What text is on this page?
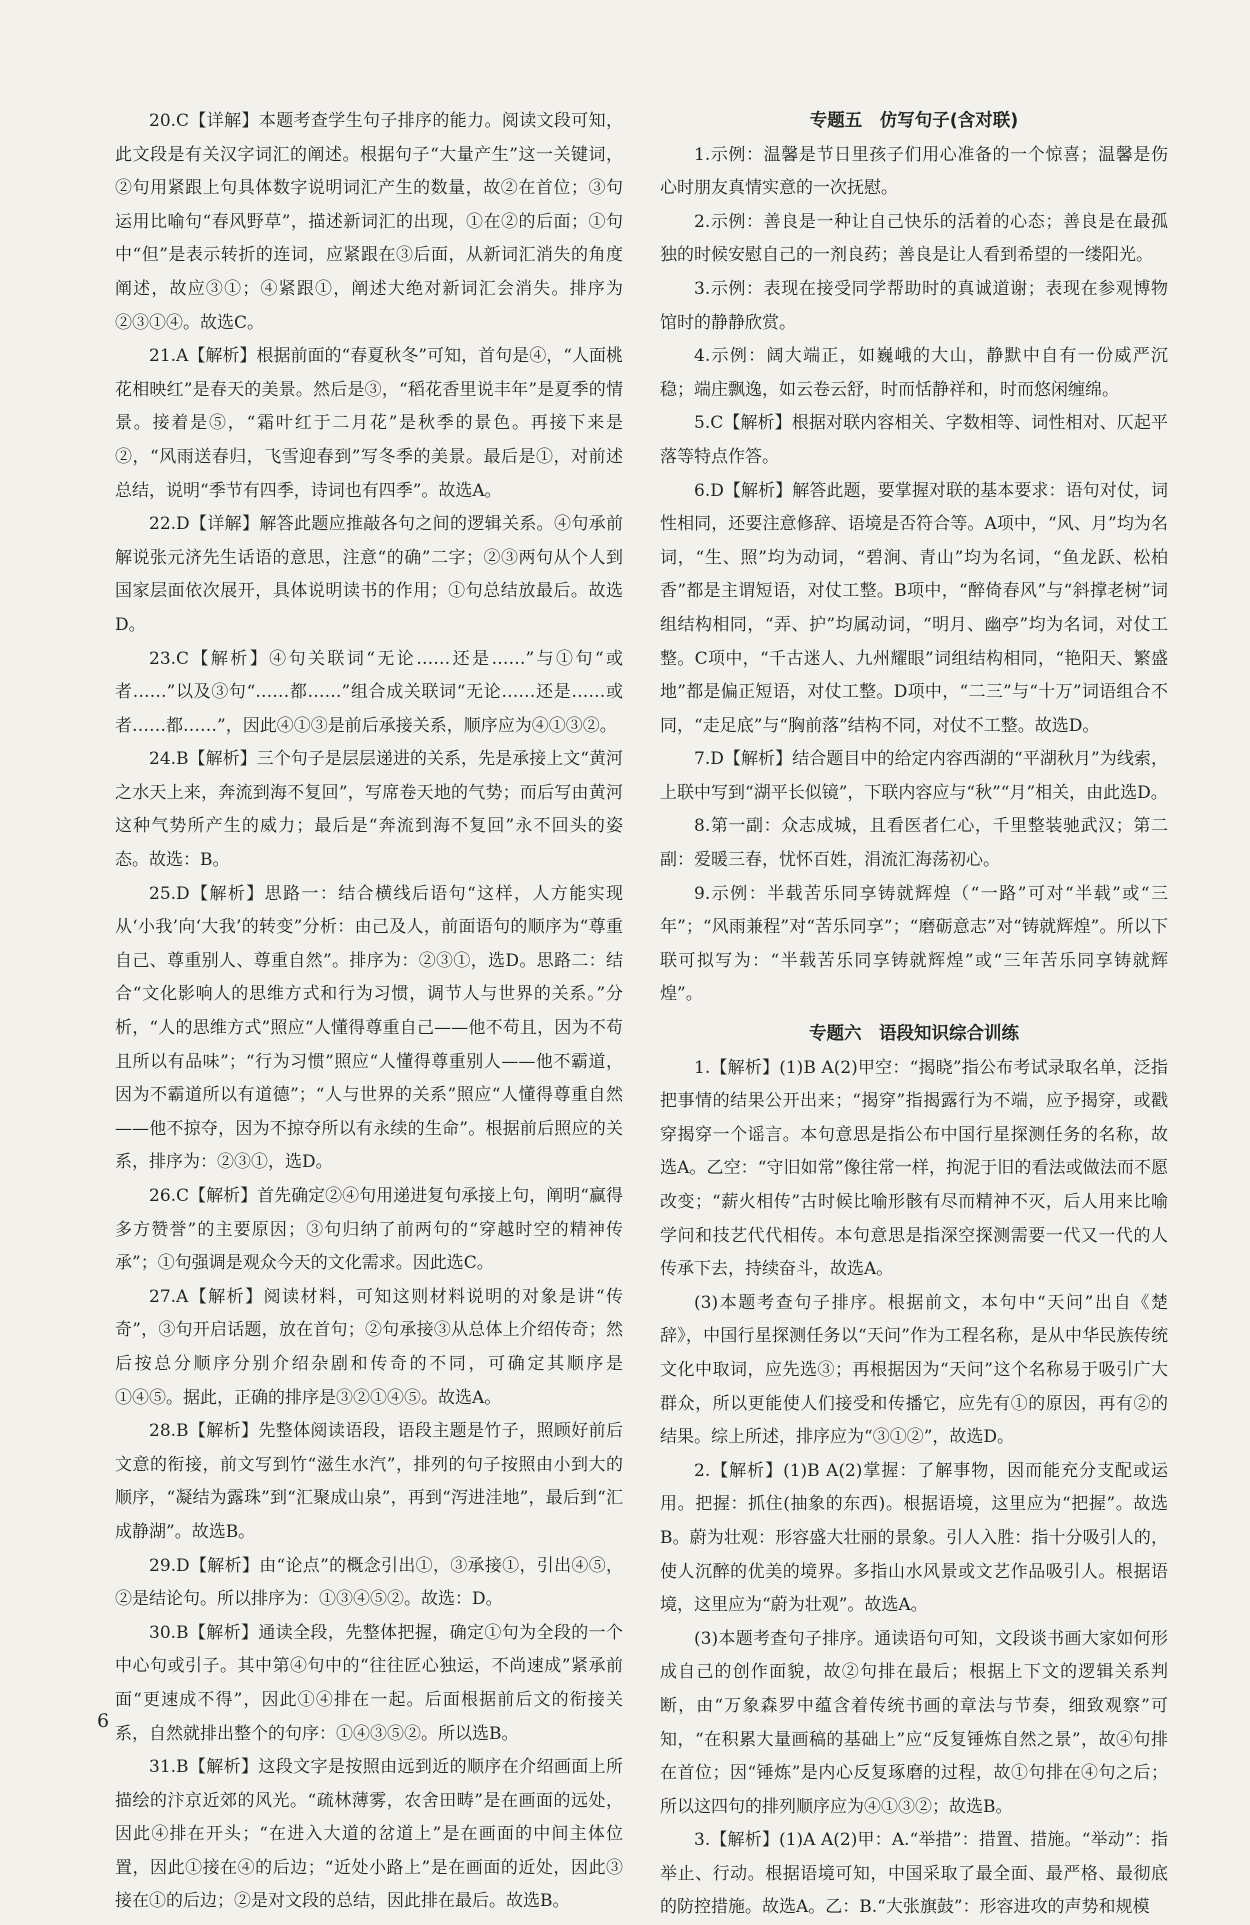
20.C【详解】本题考查学生句子排序的能力。阅读文段可知，此文段是有关汉字词汇的阐述。根据句子“大量产生”这一关键词，②句用紧跟上句具体数字说明词汇产生的数量，故②在首位；③句运用比喻句“春风野草”，描述新词汇的出现，①在②的后面；①句中“但”是表示转折的连词，应紧跟在③后面，从新词汇消失的角度阐述，故应③①；④紧跟①，阐述大绝对新词汇会消失。排序为②③①④。故选C。

21.A【解析】根据前面的“春夏秋冬”可知，首句是④，“人面桃花相映红”是春天的美景。然后是③，“稻花香里说丰年”是夏季的情景。接着是⑤，“霜叶红于二月花”是秋季的景色。再接下来是②，“风雨送春归，飞雪迎春到”写冬季的美景。最后是①，对前述总结，说明“季节有四季，诗词也有四季”。故选A。

22.D【详解】解答此题应推敲各句之间的逻辑关系。④句承前解说张元济先生话语的意思，注意“的确”二字；②③两句从个人到国家层面依次展开，具体说明读书的作用；①句总结放最后。故选D。

23.C【解析】④句关联词“无论……还是……”与①句“或者……”以及③句“……都……”组合成关联词“无论……还是……或者……都……”，因此④①③是前后承接关系，顺序应为④①③②。

24.B【解析】三个句子是层层递进的关系，先是承接上文“黄河之水天上来，奔流到海不复回”，写席卷天地的气势；而后写由黄河这种气势所产生的威力；最后是“奔流到海不复回”永不回头的姿态。故选：B。

25.D【解析】思路一：结合横线后语句“这样，人方能实现从‘小我’向‘大我’的转变”分析：由己及人，前面语句的顺序为“尊重自己、尊重别人、尊重自然”。排序为：②③①，选D。思路二：结合“文化影响人的思维方式和行为习惯，调节人与世界的关系。”分析，“人的思维方式”照应“人懂得尊重自己——他不苟且，因为不苟且所以有品味”；“行为习惯”照应“人懂得尊重别人——他不霸道，因为不霸道所以有道德”；“人与世界的关系”照应“人懂得尊重自然——他不掠夺，因为不掠夺所以有永续的生命”。根据前后照应的关系，排序为：②③①，选D。

26.C【解析】首先确定②④句用递进复句承接上句，阐明“赢得多方赞誉”的主要原因；③句归纳了前两句的“穿越时空的精神传承”；①句强调是观众今天的文化需求。因此选C。

27.A【解析】阅读材料，可知这则材料说明的对象是讲“传奇”，③句开启话题，放在首句；②句承接③从总体上介绍传奇；然后按总分顺序分别介绍杂剧和传奇的不同，可确定其顺序是①④⑤。据此，正确的排序是③②①④⑤。故选A。

28.B【解析】先整体阅读语段，语段主题是竹子，照顾好前后文意的衔接，前文写到竹“滋生水汽”，排列的句子按照由小到大的顺序，“凝结为露珠”到“汇聚成山泉”，再到“泻进洼地”，最后到“汇成静湖”。故选B。

29.D【解析】由“论点”的概念引出①，③承接①，引出④⑤，②是结论句。所以排序为：①③④⑤②。故选：D。

30.B【解析】通读全段，先整体把握，确定①句为全段的一个中心句或引子。其中第④句中的“往往匠心独运，不尚速成”紧承前面“更速成不得”，因此①④排在一起。后面根据前后文的衔接关系，自然就排出整个的句序：①④③⑤②。所以选B。

31.B【解析】这段文字是按照由远到近的顺序在介绍画面上所描绘的汴京近郊的风光。“疏林薄雾，农舍田畴”是在画面的远处，因此④排在开头；“在进入大道的岔道上”是在画面的中间主体位置，因此①接在④的后边；“近处小路上”是在画面的近处，因此③接在①的后边；②是对文段的总结，因此排在最后。故选B。

专题五　仿写句子(含对联)

1.示例：温馨是节日里孩子们用心准备的一个惊喜；温馨是伤心时朋友真情实意的一次抚慰。

2.示例：善良是一种让自己快乐的活着的心态；善良是在最孤独的时候安慰自己的一剂良药；善良是让人看到希望的一缕阳光。

3.示例：表现在接受同学帮助时的真诚道谢；表现在参观博物馆时的静静欣赏。

4.示例：阔大端正，如巍峨的大山，静默中自有一份威严沉稳；端庄飘逸，如云卷云舒，时而恬静祥和，时而悠闲缠绵。

5.C【解析】根据对联内容相关、字数相等、词性相对、仄起平落等特点作答。

6.D【解析】解答此题，要掌握对联的基本要求：语句对仗，词性相同，还要注意修辞、语境是否符合等。A项中，“风、月”均为名词，“生、照”均为动词，“碧涧、青山”均为名词，“鱼龙跃、松柏香”都是主谓短语，对仗工整。B项中，“醉倚春风”与“斜撑老树”词组结构相同，“弄、护”均属动词，“明月、幽亭”均为名词，对仗工整。C项中，“千古迷人、九州耀眼”词组结构相同，“艳阳天、繁盛地”都是偏正短语，对仗工整。D项中，“二三”与“十万”词语组合不同，“走足底”与“胸前落”结构不同，对仗不工整。故选D。

7.D【解析】结合题目中的给定内容西湖的“平湖秋月”为线索，上联中写到“湖平长似镜”，下联内容应与“秋”“月”相关，由此选D。

8.第一副：众志成城，且看医者仁心，千里整装驰武汉；第二副：爱暖三春，忧怀百姓，涓流汇海荡初心。

9.示例：半载苦乐同享铸就辉煌（“一路”可对“半载”或“三年”；“风雨兼程”对“苦乐同享”；“磨砺意志”对“铸就辉煌”。所以下联可拟写为：“半载苦乐同享铸就辉煌”或“三年苦乐同享铸就辉煌”。

专题六　语段知识综合训练

1.【解析】(1)B A(2)甲空：“揭晓”指公布考试录取名单，泛指把事情的结果公开出来；“揭穿”指揭露行为不端，应予揭穿，或戳穿揭穿一个谣言。本句意思是指公布中国行星探测任务的名称，故选A。乙空：“守旧如常”像往常一样，拘泥于旧的看法或做法而不愿改变；“薪火相传”古时候比喻形骸有尽而精神不灭，后人用来比喻学问和技艺代代相传。本句意思是指深空探测需要一代又一代的人传承下去，持续奋斗，故选A。

(3)本题考查句子排序。根据前文，本句中“天问”出自《楚辞》，中国行星探测任务以“天问”作为工程名称，是从中华民族传统文化中取词，应先选③；再根据因为“天问”这个名称易于吸引广大群众，所以更能使人们接受和传播它，应先有①的原因，再有②的结果。综上所述，排序应为“③①②”，故选D。

2.【解析】(1)B A(2)掌握：了解事物，因而能充分支配或运用。把握：抓住(抽象的东西)。根据语境，这里应为“把握”。故选B。蔚为壮观：形容盛大壮丽的景象。引人入胜：指十分吸引人的，使人沉醉的优美的境界。多指山水风景或文艺作品吸引人。根据语境，这里应为“蔚为壮观”。故选A。

(3)本题考查句子排序。通读语句可知，文段谈书画大家如何形成自己的创作面貌，故②句排在最后；根据上下文的逻辑关系判断，由“万象森罗中蕴含着传统书画的章法与节奏，细致观察”可知，“在积累大量画稿的基础上”应“反复锤炼自然之景”，故④句排在首位；因“锤炼”是内心反复琢磨的过程，故①句排在④句之后；所以这四句的排列顺序应为④①③②；故选B。

3.【解析】(1)A A(2)甲：A.“举措”：措置、措施。“举动”：指举止、行动。根据语境可知，中国采取了最全面、最严格、最彻底的防控措施。故选A。乙：B.“大张旗鼓”：形容进攻的声势和规模

6
